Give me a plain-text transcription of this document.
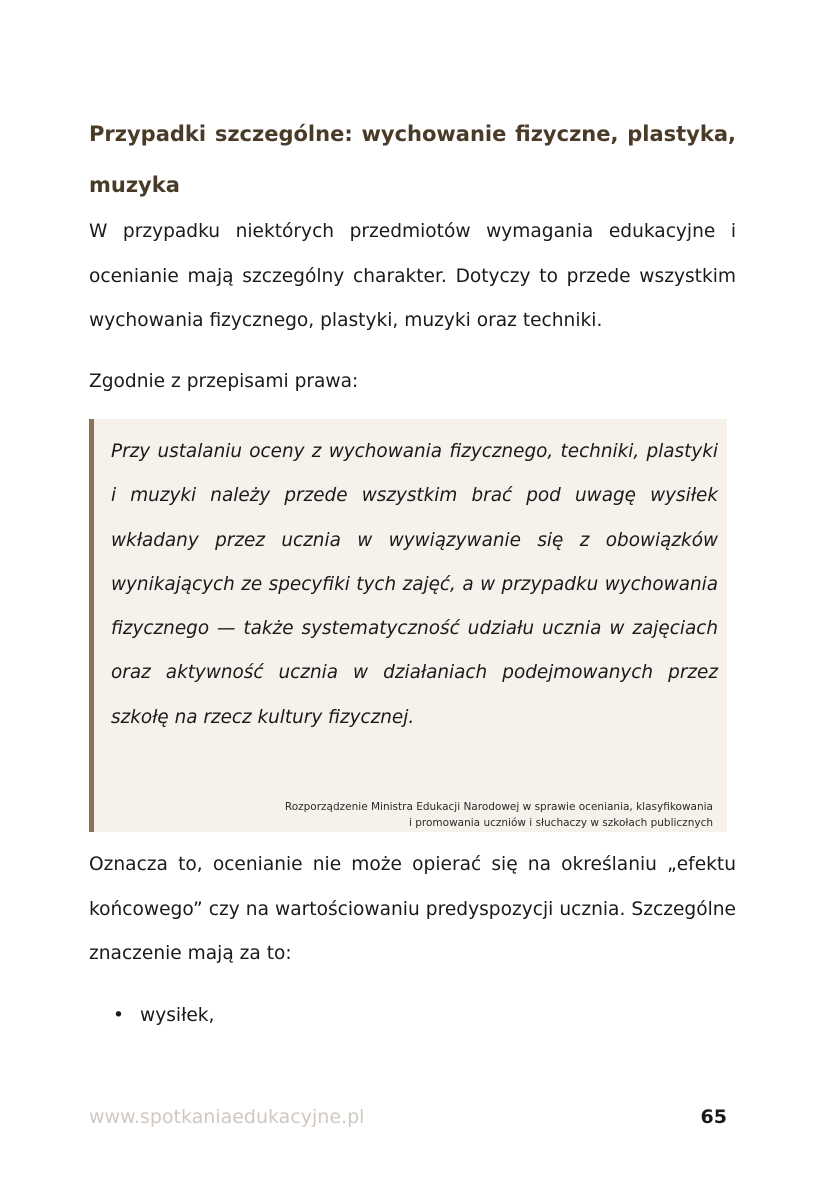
Przypadki szczególne: wychowanie fizyczne, plastyka, muzyka

W przypadku niektórych przedmiotów wymagania edukacyjne i ocenianie mają szczególny charakter. Dotyczy to przede wszystkim wychowania fizycznego, plastyki, muzyki oraz techniki.

Zgodnie z przepisami prawa:

Przy ustalaniu oceny z wychowania fizycznego, techniki, plastyki i muzyki należy przede wszystkim brać pod uwagę wysiłek wkładany przez ucznia w wywiązywanie się z obowiązków wynikających ze specyfiki tych zajęć, a w przypadku wychowania fizycznego — także systematyczność udziału ucznia w zajęciach oraz aktywność ucznia w działaniach podejmowanych przez szkołę na rzecz kultury fizycznej.

Rozporządzenie Ministra Edukacji Narodowej w sprawie oceniania, klasyfikowania
i promowania uczniów i słuchaczy w szkołach publicznych

Oznacza to, ocenianie nie może opierać się na określaniu „efektu końcowego” czy na wartościowaniu predyspozycji ucznia. Szczególne znaczenie mają za to:

• wysiłek,
www.spotkaniaedukacyjne.pl	65
